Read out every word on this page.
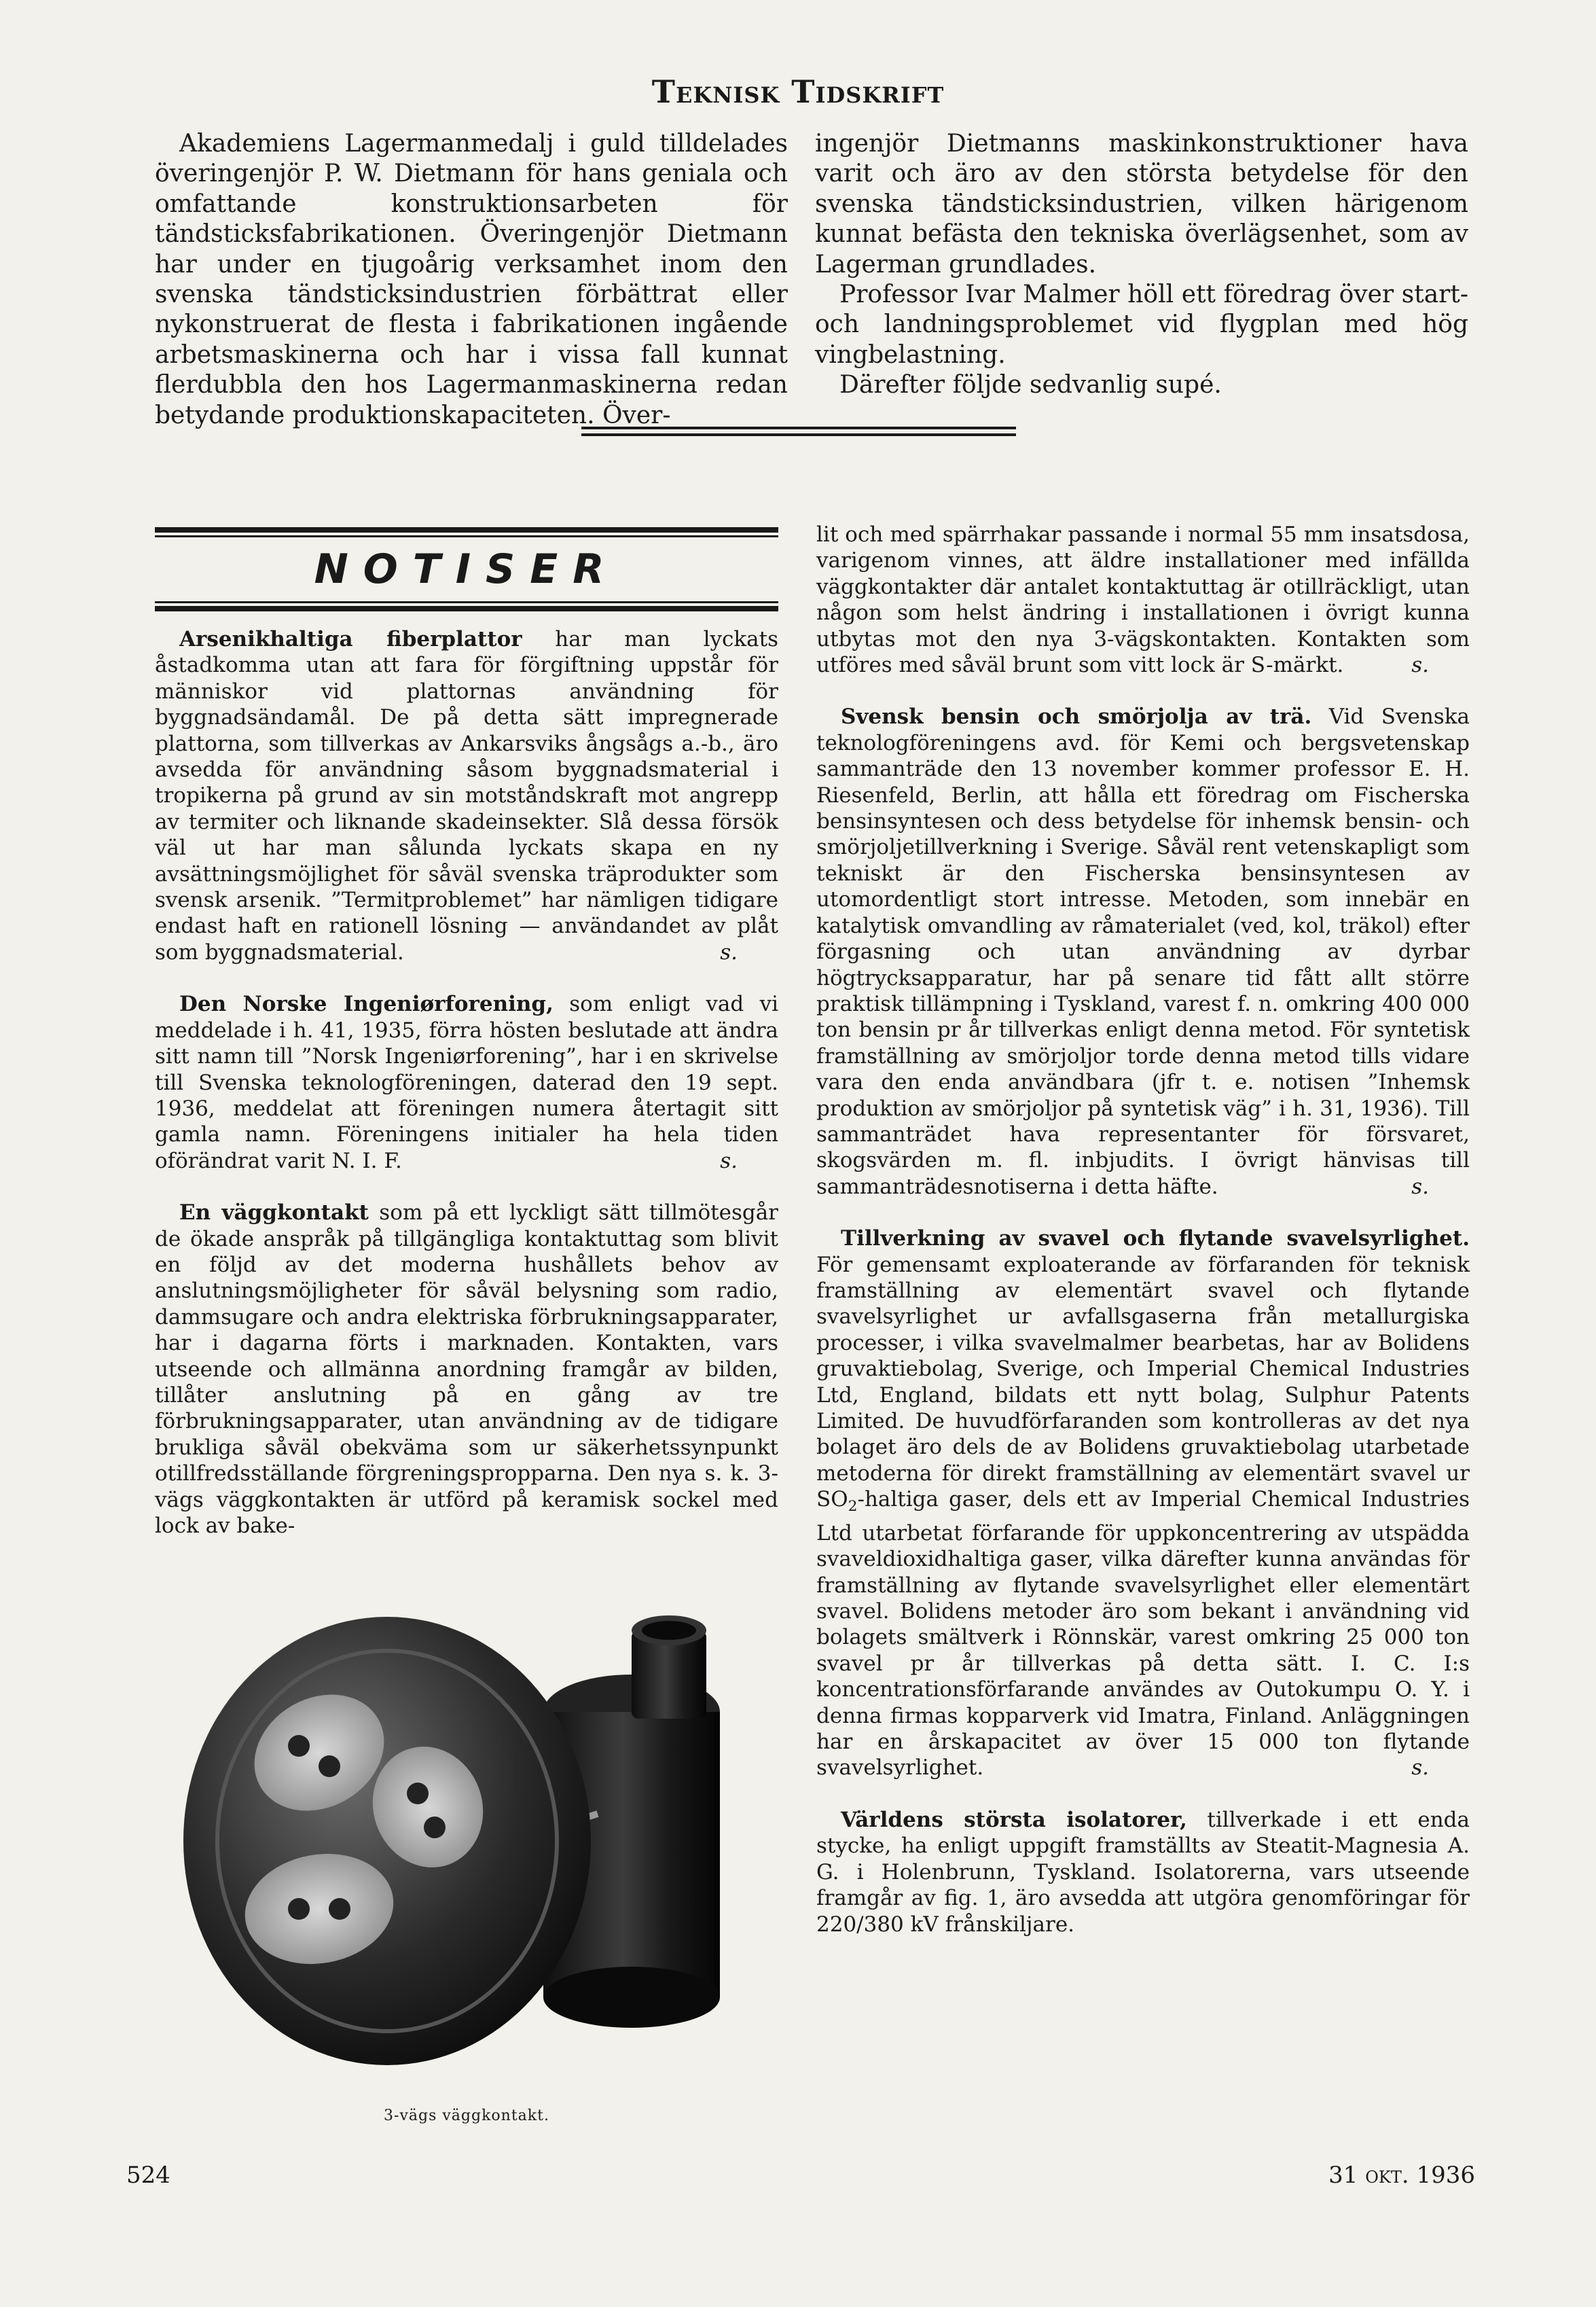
Teknisk Tidskrift

Akademiens Lagermanmedalj i guld tilldelades överingenjör P. W. Dietmann för hans geniala och omfattande konstruktionsarbeten för tändsticksfabrikationen. Överingenjör Dietmann har under en tjugoårig verksamhet inom den svenska tändsticksindustrien förbättrat eller nykonstruerat de flesta i fabrikationen ingående arbetsmaskinerna och har i vissa fall kunnat flerdubbla den hos Lagermanmaskinerna redan betydande produktionskapaciteten. Över-

ingenjör Dietmanns maskinkonstruktioner hava varit och äro av den största betydelse för den svenska tändsticksindustrien, vilken härigenom kunnat befästa den tekniska överlägsenhet, som av Lagerman grundlades.

Professor Ivar Malmer höll ett föredrag över start- och landningsproblemet vid flygplan med hög vingbelastning.

Därefter följde sedvanlig supé.

NOTISER

Arsenikhaltiga fiberplattor har man lyckats åstadkomma utan att fara för förgiftning uppstår för människor vid plattornas användning för byggnadsändamål. De på detta sätt impregnerade plattorna, som tillverkas av Ankarsviks ångsågs a.-b., äro avsedda för användning såsom byggnadsmaterial i tropikerna på grund av sin motståndskraft mot angrepp av termiter och liknande skadeinsekter. Slå dessa försök väl ut har man sålunda lyckats skapa en ny avsättningsmöjlighet för såväl svenska träprodukter som svensk arsenik. ”Termitproblemet” har nämligen tidigare endast haft en rationell lösning — användandet av plåt som byggnadsmaterial.	s.

Den Norske Ingeniørforening, som enligt vad vi meddelade i h. 41, 1935, förra hösten beslutade att ändra sitt namn till ”Norsk Ingeniørforening”, har i en skrivelse till Svenska teknologföreningen, daterad den 19 sept. 1936, meddelat att föreningen numera återtagit sitt gamla namn. Föreningens initialer ha hela tiden oförändrat varit N. I. F.	s.

En väggkontakt som på ett lyckligt sätt tillmötesgår de ökade anspråk på tillgängliga kontaktuttag som blivit en följd av det moderna hushållets behov av anslutningsmöjligheter för såväl belysning som radio, dammsugare och andra elektriska förbrukningsapparater, har i dagarna förts i marknaden. Kontakten, vars utseende och allmänna anordning framgår av bilden, tillåter anslutning på en gång av tre förbrukningsapparater, utan användning av de tidigare brukliga såväl obekväma som ur säkerhetssynpunkt otillfredsställande förgreningspropparna. Den nya s. k. 3-vägs väggkontakten är utförd på keramisk sockel med lock av bake-

3-vägs väggkontakt.

lit och med spärrhakar passande i normal 55 mm insatsdosa, varigenom vinnes, att äldre installationer med infällda väggkontakter där antalet kontaktuttag är otillräckligt, utan någon som helst ändring i installationen i övrigt kunna utbytas mot den nya 3-vägskontakten. Kontakten som utföres med såväl brunt som vitt lock är S-märkt.	s.

Svensk bensin och smörjolja av trä. Vid Svenska teknologföreningens avd. för Kemi och bergsvetenskap sammanträde den 13 november kommer professor E. H. Riesenfeld, Berlin, att hålla ett föredrag om Fischerska bensinsyntesen och dess betydelse för inhemsk bensin- och smörjoljetillverkning i Sverige. Såväl rent vetenskapligt som tekniskt är den Fischerska bensinsyntesen av utomordentligt stort intresse. Metoden, som innebär en katalytisk omvandling av råmaterialet (ved, kol, träkol) efter förgasning och utan användning av dyrbar högtrycksapparatur, har på senare tid fått allt större praktisk tillämpning i Tyskland, varest f. n. omkring 400 000 ton bensin pr år tillverkas enligt denna metod. För syntetisk framställning av smörjoljor torde denna metod tills vidare vara den enda användbara (jfr t. e. notisen ”Inhemsk produktion av smörjoljor på syntetisk väg” i h. 31, 1936). Till sammanträdet hava representanter för försvaret, skogsvärden m. fl. inbjudits. I övrigt hänvisas till sammanträdesnotiserna i detta häfte.	s.

Tillverkning av svavel och flytande svavelsyrlighet. För gemensamt exploaterande av förfaranden för teknisk framställning av elementärt svavel och flytande svavelsyrlighet ur avfallsgaserna från metallurgiska processer, i vilka svavelmalmer bearbetas, har av Bolidens gruvaktiebolag, Sverige, och Imperial Chemical Industries Ltd, England, bildats ett nytt bolag, Sulphur Patents Limited. De huvudförfaranden som kontrolleras av det nya bolaget äro dels de av Bolidens gruvaktiebolag utarbetade metoderna för direkt framställning av elementärt svavel ur $SO_2$-haltiga gaser, dels ett av Imperial Chemical Industries Ltd utarbetat förfarande för uppkoncentrering av utspädda svaveldioxidhaltiga gaser, vilka därefter kunna användas för framställning av flytande svavelsyrlighet eller elementärt svavel. Bolidens metoder äro som bekant i användning vid bolagets smältverk i Rönnskär, varest omkring 25 000 ton svavel pr år tillverkas på detta sätt. I. C. I:s koncentrationsförfarande användes av Outokumpu O. Y. i denna firmas kopparverk vid Imatra, Finland. Anläggningen har en årskapacitet av över 15 000 ton flytande svavelsyrlighet.	s.

Världens största isolatorer, tillverkade i ett enda stycke, ha enligt uppgift framställts av Steatit-Magnesia A. G. i Holenbrunn, Tyskland. Isolatorerna, vars utseende framgår av fig. 1, äro avsedda att utgöra genomföringar för 220/380 kV frånskiljare.

524	31 okt. 1936
